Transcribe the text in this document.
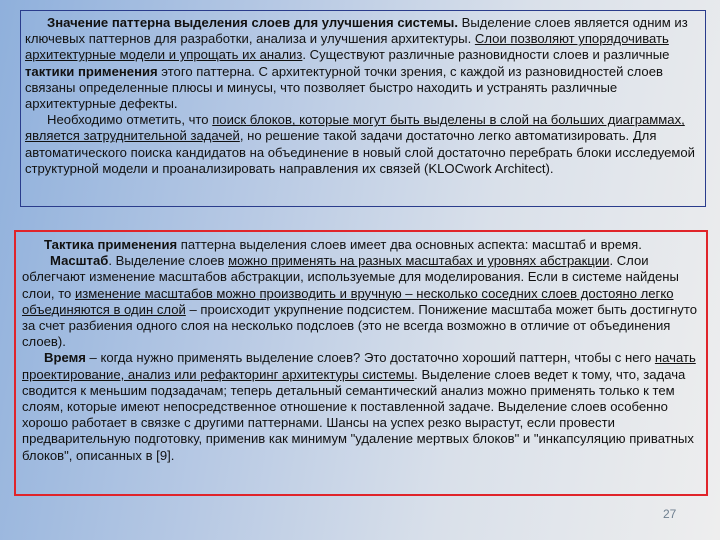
Значение паттерна выделения слоев для улучшения системы. Выделение слоев является одним из ключевых паттернов для разработки, анализа и улучшения архитектуры. Слои позволяют упорядочивать архитектурные модели и упрощать их анализ. Существуют различные разновидности слоев и различные тактики применения этого паттерна. С архитектурной точки зрения, с каждой из разновидностей слоев связаны определенные плюсы и минусы, что позволяет быстро находить и устранять различные архитектурные дефекты.

Необходимо отметить, что поиск блоков, которые могут быть выделены в слой на больших диаграммах, является затруднительной задачей, но решение такой задачи достаточно легко автоматизировать. Для автоматического поиска кандидатов на объединение в новый слой достаточно перебрать блоки исследуемой структурной модели и проанализировать направления их связей (KLOCwork Architect).

Тактика применения паттерна выделения слоев имеет два основных аспекта: масштаб и время.

Масштаб. Выделение слоев можно применять на разных масштабах и уровнях абстракции. Слои облегчают изменение масштабов абстракции, используемые для моделирования. Если в системе найдены слои, то изменение масштабов можно производить и вручную – несколько соседних слоев достояно легко объединяются в один слой – происходит укрупнение подсистем. Понижение масштаба может быть достигнуто за счет разбиения одного слоя на несколько подслоев (это не всегда возможно в отличие от объединения слоев).

Время – когда нужно применять выделение слоев? Это достаточно хороший паттерн, чтобы с него начать проектирование, анализ или рефакторинг архитектуры системы. Выделение слоев ведет к тому, что, задача сводится к меньшим подзадачам; теперь детальный семантический анализ можно применять только к тем слоям, которые имеют непосредственное отношение к поставленной задаче. Выделение слоев особенно хорошо работает в связке с другими паттернами. Шансы на успех резко вырастут, если провести предварительную подготовку, применив как минимум "удаление мертвых блоков" и "инкапсуляцию приватных блоков", описанных в [9].

27
